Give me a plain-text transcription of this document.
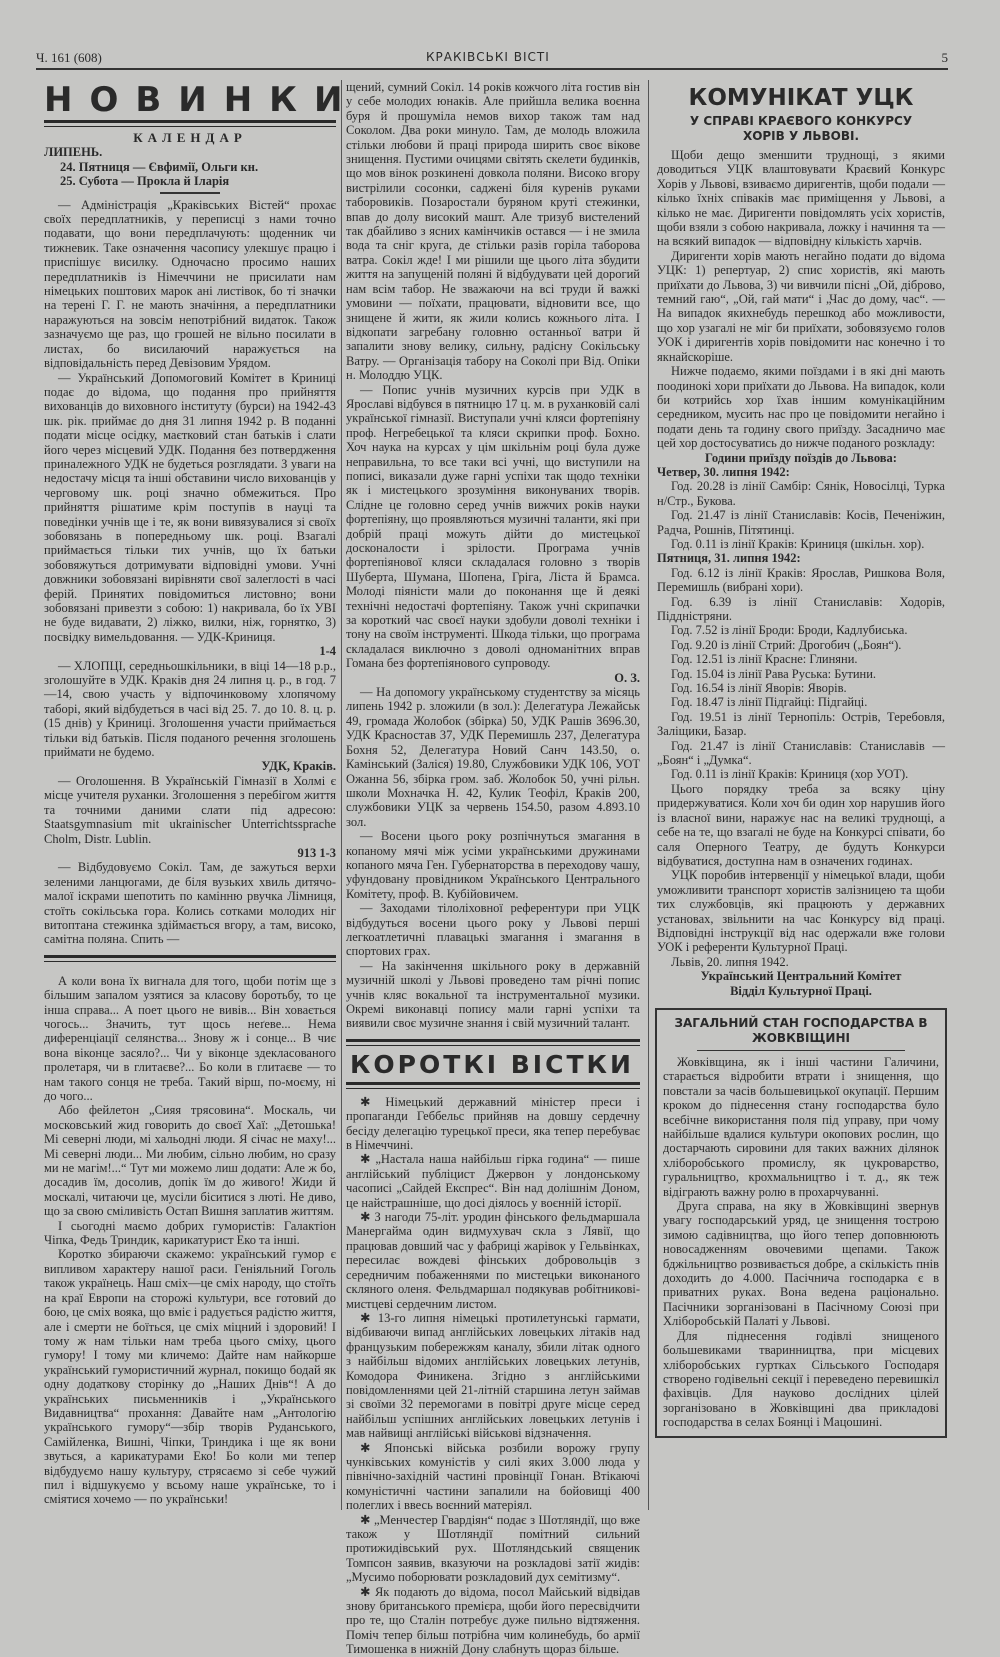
Ч. 161 (608)	КРАКІВСЬКІ ВІСТІ	5
НОВИНКИ
КАЛЕНДАР
ЛИПЕНЬ.
24. Пятниця — Євфимії, Ольги кн.
25. Субота — Прокла й Іларія

— Адміністрація „Краківських Вістей“ прохає своїх передплатників, у переписці з нами точно подавати, що вони передплачують: щоденник чи тижневик. Таке означення часопису улекшує працю і приспішує висилку. Одночасно просимо наших передплатників із Німеччини не присилати нам німецьких поштових марок ані листівок, бо ті значки на терені Г. Г. не мають значіння, а передплатники наражуються на зовсім непотрібний видаток. Також зазначуємо ще раз, що грошей не вільно посилати в листах, бо висилаючий наражується на відповідальність перед Девізовим Урядом.

— Український Допомоговий Комітет в Криниці подає до відома, що подання про прийняття вихованців до виховного інституту (бурси) на 1942-43 шк. рік. приймає до дня 31 липня 1942 р. В поданні подати місце осідку, маєтковий стан батьків і слати його через місцевий УДК. Подання без потвердження приналежного УДК не будеться розглядати. З уваги на недостачу місця та інші обставини число вихованців у черговому шк. році значно обмежиться. Про прийняття рішатиме крім поступів в науці та поведінки учнів ще і те, як вони вивязувалися зі своїх зобовязань в попередньому шк. році. Взагалі приймається тільки тих учнів, що їх батьки зобовяжуться дотримувати відповідні умови. Учні довжники зобовязані вирівняти свої залеглості в часі ферій. Принятих повідомиться листовно; вони зобовязані привезти з собою: 1) накривала, бо їх УВІ не буде видавати, 2) ліжко, вилки, ніж, горнятко, 3) посвідку вимельдовання. — УДК-Криниця.

1-4

— ХЛОПЦІ, середньошкільники, в віці 14—18 р.р., зголошуйте в УДК. Краків дня 24 липня ц. р., в год. 7—14, свою участь у відпочинковому хлопячому таборі, який відбудеться в часі від 25. 7. до 10. 8. ц. р. (15 днів) у Криниці. Зголошення участи приймається тільки від батьків. Після поданого речення зголошень приймати не будемо.

УДК, Краків.

— Оголошення. В Українській Гімназії в Холмі є місце учителя руханки. Зголошення з перебігом життя та точними даними слати під адресою: Staatsgymnasium mit ukrainischer Unterrichtssprache Cholm, Distr. Lublin.

913 1-3

— Відбудовуємо Сокіл. Там, де зажуться верхи зеленими ланцюгами, де біля вузьких хвиль дитячо-малої іскрами шепотить по камінню рвучка Лімниця, стоїть сокільська гора. Колись сотками молодих ніг витоптана стежинка здіймається вгору, а там, високо, самітна поляна. Спить —

А коли вона їх вигнала для того, щоби потім ще з більшим запалом узятися за класову боротьбу, то це інша справа... А поет цього не вивів... Він ховається чогось... Значить, тут щось неґеве... Нема диференціації селянства... Знову ж і сонце... В чиє вона віконце засяло?... Чи у віконце здекласованого пролетаря, чи в глитаєве?... Бо коли в глитаєве — то нам такого сонця не треба. Такий вірш, по-моєму, ні до чого...

Або фейлетон „Сияя трясовина“. Москаль, чи московський жид говорить до своєї Хаї: „Детошька! Мі северні люди, мі хальодні люди. Я січас не маху!... Мі северні люди... Ми любим, сільно любим, но сразу ми не магім!...“ Тут ми можемо лиш додати: Але ж бо, досадив їм, досолив, допік їм до живого! Жиди й москалі, читаючи це, мусіли біситися з люті. Не диво, що за свою сміливість Остап Вишня заплатив життям.

І сьогодні маємо добрих гумористів: Галактіон Чіпка, Федь Триндик, карикатурист Еко та інші.

Коротко збираючи скажемо: український гумор є випливом характеру нашої раси. Геніяльний Гоголь також українець. Наш сміх—це сміх народу, що стоїть на краї Европи на сторожі культури, все готовий до бою, це сміх вояка, що вміє і радується радістю життя, але і смерти не боїться, це сміх міцний і здоровий! І тому ж нам тільки нам треба цього сміху, цього гумору! І тому ми кличемо: Дайте нам найкорше український гумористичний журнал, покищо бодай як одну додаткову сторінку до „Наших Днів“! А до українських письменників і „Українського Видавництва“ прохання: Давайте нам „Антологію українського гумору“—збір творів Руданського, Самійленка, Вишні, Чіпки, Триндика і ще як вони звуться, а карикатурами Еко! Бо коли ми тепер відбудуємо нашу культуру, стрясаємо зі себе чужий пил і відшукуємо у всьому наше українське, то і сміятися хочемо — по українськи!

щений, сумний Сокіл. 14 років кожчого літа гостив він у себе молодих юнаків. Але прийшла велика воєнна буря й прошуміла немов вихор також там над Соколом. Два роки минуло. Там, де молодь вложила стільки любови й праці природа ширить своє вікове знищення. Пустими очицями світять скелети будинків, що мов вінок розкинені довкола поляни. Високо вгору вистрілили сосонки, саджені біля куренів руками таборовиків. Позаростали буряном круті стежинки, впав до долу високий машт. Але тризуб вистелений так дбайливо з ясних камінчиків остався — і не змила вода та сніг круга, де стільки разів горіла таборова ватра. Сокіл жде! І ми рішили ще цього літа збудити життя на запущеній поляні й відбудувати цей дорогий нам всім табор. Не зважаючи на всі труди й важкі умовини — поїхати, працювати, відновити все, що знищене й жити, як жили колись кожнього літа. І відкопати загребану головню останньої ватри й запалити знову велику, сильну, радісну Сокільську Ватру. — Організація табору на Соколі при Від. Опіки н. Молоддю УЦК.

— Попис учнів музичних курсів при УДК в Ярославі відбувся в пятницю 17 ц. м. в руханковій салі української гімназії. Виступали учні кляси фортепіяну проф. Негребецької та кляси скрипки проф. Бохно. Хоч наука на курсах у цім шкільнім році була дуже неправильна, то все таки всі учні, що виступили на пописі, виказали дуже гарні успіхи так щодо техніки як і мистецького зрозуміння виконуваних творів. Слідне це головно серед учнів вижчих років науки фортепіяну, що проявляються музичні таланти, які при добрій праці можуть дійти до мистецької досконалости і зрілости. Програма учнів фортепіянової кляси складалася головно з творів Шуберта, Шумана, Шопена, Гріга, Ліста й Брамса. Молоді піяністи мали до поконання ще й деякі технічні недостачі фортепіяну. Також учні скрипачки за короткий час своєї науки здобули доволі техніки і тону на своїм інструменті. Шкода тільки, що програма складалася виключно з доволі одноманітних вправ Гомана без фортепіянового супроводу.

О. З.

— На допомогу українському студентству за місяць липень 1942 р. зложили (в зол.): Делегатура Лежайськ 49, громада Жолобок (збірка) 50, УДК Рашів 3696.30, УДК Красностав 37, УДК Перемишль 237, Делегатура Бохня 52, Делегатура Новий Санч 143.50, о. Камінський (Заліся) 19.80, Службовики УДК 106, УОТ Ожанна 56, збірка гром. заб. Жолобок 50, учні рільн. школи Мохначка Н. 42, Кулик Теофіл, Краків 200, службовики УЦК за червень 154.50, разом 4.893.10 зол.

— Восени цього року розпічнуться змагання в копаному мячі між усіми українськими дружинами копаного мяча Ген. Губернаторства в переходову чашу, уфундовану провідником Українського Центрального Комітету, проф. В. Кубійовичем.

— Заходами тілоліховної референтури при УЦК відбудуться восени цього року у Львові перші легкоатлетичні плавацькі змагання і змагання в спортових грах.

— На закінчення шкільного року в державній музичній школі у Львові проведено там річні попис учнів кляс вокальної та інструментальної музики. Окремі виконавці попису мали гарні успіхи та виявили своє музичне знання і свій музичний талант.

КОРОТКІ ВІСТКИ

✱ Німецький державний міністер преси і пропаганди Геббельс прийняв на довшу сердечну бесіду делегацію турецької преси, яка тепер перебуває в Німеччині.

✱ „Настала наша найбільш гірка година“ — пише англійський публіцист Джервон у лондонському часописі „Сайдей Експрес“. Він над долішнім Доном, це найстрашніше, що досі діялось у воєнній історії.

✱ З нагоди 75-літ. уродин фінського фельдмаршала Манергайма один видмухувач скла з Лявії, що працював довший час у фабриці жарівок у Гельвінках, пересилає вождеві фінських добровольців з середничим побаженнями по мистецьки виконаного скляного оленя. Фельдмаршал подякував робітникові-мистцеві сердечним листом.

✱ 13-го липня німецькі протилетунські гармати, відбиваючи випад англійських ловецьких літаків над французьким побережжям каналу, збили літак одного з найбільш відомих англійських ловецьких летунів, Комодора Финикена. Згідно з англійськими повідомленнями цей 21-літній старшина летун займав зі своїми 32 перемогами в повітрі друге місце серед найбільш успішних англійських ловецьких летунів і мав найвищі англійські військові відзначення.

✱ Японські війська розбили ворожу групу чунківських комуністів у силі яких 3.000 люда у північно-західній частині провінції Гонан. Втікаючі комуністичні частини запалили на бойовищі 400 полеглих і ввесь воєнний матеріял.

✱ „Менчестер Гвардіян“ подає з Шотляндії, що вже також у Шотляндії помітний сильний протижидівський рух. Шотляндський священик Томпсон заявив, вказуючи на розкладові затії жидів: „Мусимо поборювати розкладовий дух семітизму“.

✱ Як подають до відома, посол Майський відвідав знову британського премієра, щоби його пересвідчити про те, що Сталін потребує дуже пильно відтяження. Поміч тепер більш потрібна чим колинебудь, бо армії Тимошенка в нижній Дону слабнуть щораз більше.

КОМУНІКАТ УЦК
У СПРАВІ КРАЄВОГО КОНКУРСУ ХОРІВ У ЛЬВОВІ.

Щоби дещо зменшити труднощі, з якими доводиться УЦК влаштовувати Краєвий Конкурс Хорів у Львові, взиваємо диригентів, щоби подали — кілько їхніх співаків має приміщення у Львові, а кілько не має. Диригенти повідомлять усіх хористів, щоби взяли з собою накривала, ложку і начиння та — на всякий випадок — відповідну кількість харчів.

Диригенти хорів мають негайно подати до відома УЦК: 1) репертуар, 2) спис хористів, які мають приїхати до Львова, 3) чи вивчили пісні „Ой, діброво, темний гаю“, „Ой, гай мати“ і „Час до дому, час“. — На випадок якихнебудь перешкод або можливости, що хор узагалі не міг би приїхати, зобовязуємо голов УОК і диригентів хорів повідомити нас конечно і то якнайскоріше.

Нижче подаємо, якими поїздами і в які дні мають поодинокі хори приїхати до Львова. На випадок, коли би котрийсь хор їхав іншим комунікаційним середником, мусить нас про це повідомити негайно і подати день та годину свого приїзду. Засадничо має цей хор достосуватись до нижче поданого розкладу:

Години приїзду поїздів до Львова:
Четвер, 30. липня 1942:

Год. 20.28 із лінії Самбір: Сянік, Новосілці, Турка н/Стр., Букова.

Год. 21.47 із лінії Станиславів: Косів, Печеніжин, Радча, Рошнів, Пітятинці.

Год. 0.11 із лінії Краків: Криниця (шкільн. хор).

Пятниця, 31. липня 1942:

Год. 6.12 із лінії Краків: Ярослав, Ришкова Воля, Перемишль (вибрані хори).

Год. 6.39 із лінії Станиславів: Ходорів, Піддністряни.

Год. 7.52 із лінії Броди: Броди, Кадлубиська.

Год. 9.20 із лінії Стрий: Дрогобич („Боян“).

Год. 12.51 із лінії Красне: Глиняни.

Год. 15.04 із лінії Рава Руська: Бутини.

Год. 16.54 із лінії Яворів: Яворів.

Год. 18.47 із лінії Підгайці: Підгайці.

Год. 19.51 із лінії Тернопіль: Острів, Теребовля, Заліщики, Базар.

Год. 21.47 із лінії Станиславів: Станиславів — „Боян“ і „Думка“.

Год. 0.11 із лінії Краків: Криниця (хор УОТ).

Цього порядку треба за всяку ціну придержуватися. Коли хоч би один хор нарушив його із власної вини, наражує нас на великі труднощі, а себе на те, що взагалі не буде на Конкурсі співати, бо саля Оперного Театру, де будуть Конкурси відбуватися, доступна нам в означених годинах.

УЦК поробив інтервенції у німецької влади, щоби уможливити транспорт хористів залізницею та щоби тих службовців, які працюють у державних установах, звільнити на час Конкурсу від праці. Відповідні інструкції від нас одержали вже голови УОК і референти Культурної Праці.

Львів, 20. липня 1942.

Український Центральний Комітет
Відділ Культурної Праці.
ЗАГАЛЬНИЙ СТАН ГОСПОДАРСТВА В ЖОВКВІЩИНІ

Жовківщина, як і інші частини Галичини, старається відробити втрати і знищення, що повстали за часів большевицької окупації. Першим кроком до піднесення стану господарства було всебічне використання поля під управу, при чому найбільше вдалися культури окопових рослин, що достарчають сировини для таких важних ділянок хліборобського промислу, як цукроварство, гуральництво, крохмальництво і т. д., як теж відіграють важну ролю в прохарчуванні.

Друга справа, на яку в Жовківщині звернув увагу господарський уряд, це знищення тострою зимою садівництва, що його тепер доповнюють новосадженням овочевими щепами. Також бджільництво розвивається добре, а скількість пнів доходить до 4.000. Пасічнича господарка є в приватних руках. Вона ведена раціонально. Пасічники зорганізовані в Пасічному Союзі при Хліборобській Палаті у Львові.

Для піднесення годівлі знищеного большевиками тваринництва, при місцевих хліборобських гуртках Сільського Господаря створено годівельні секції і переведено перевишкіл фахівців. Для науково дослідних цілей зорганізовано в Жовківщині два прикладові господарства в селах Боянці і Мацошині.
